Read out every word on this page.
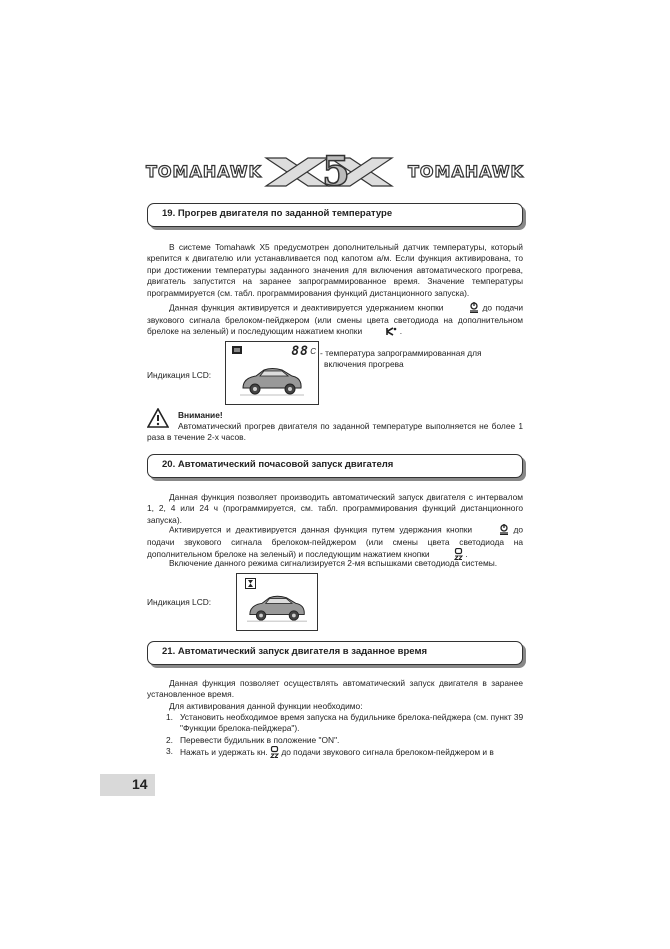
TOMAHAWK 5	TOMAHAWK
19. Прогрев двигателя по заданной температуре

В системе Tomahawk X5 предусмотрен дополнительный датчик температуры, который крепится к двигателю или устанавливается под капотом а/м. Если функция активирована, то при достижении температуры заданного значения для включения автоматического прогрева, двигатель запустится на заранее запрограммированное время. Значение температуры программируется (см. табл. программирования функций дистанционного запуска).

Данная функция активируется и деактивируется удержанием кнопки	до подачи звукового сигнала брелоком-пейджером (или смены цвета светодиода на дополнительном брелоке на зеленый) и последующим нажатием кнопки	.

Индикация LCD:
88 C - температура запрограммированная для
включения прогрева
Внимание!

Автоматический прогрев двигателя по заданной температуре выполняется не более 1 раза в течение 2-х часов.

20. Автоматический почасовой запуск двигателя

Данная функция позволяет производить автоматический запуск двигателя с интервалом 1, 2, 4 или 24 ч (программируется, см. табл. программирования функций дистанционного запуска).

Активируется и деактивируется данная функция путем удержания кнопки	до подачи звукового сигнала брелоком-пейджером (или смены цвета светодиода на дополнительном брелоке на зеленый) и последующим нажатием кнопки	.

Включение данного режима сигнализируется 2-мя вспышками светодиода системы.

Индикация LCD:
21. Автоматический запуск двигателя в заданное время

Данная функция позволяет осуществлять автоматический запуск двигателя в заранее установленное время.

Для активирования данной функции необходимо:

1. Установить необходимое время запуска на будильнике брелока-пейджера (см. пункт 39 "Функции брелока-пейджера").
2. Перевести будильник в положение "ON".
3. Нажать и удержать кн. до подачи звукового сигнала брелоком-пейджером и в
14
